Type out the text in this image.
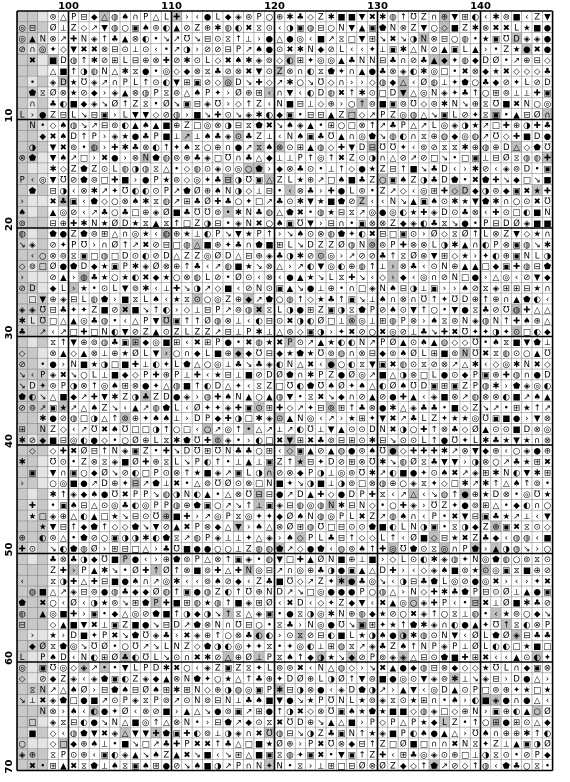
⊚ △ P ⊟ ◆ △ ◍ ♠ ∩ P △ L ✚ › ‹ ● L ◆ ◈ ⊚ P ○ ⊕ ✱ ♣ ◇ Z ✱ ■ ■ ▼ ✖ ✱ ◍ ↑ Ʊ Z ∩ ⊕ ▼ ⊞ ◐ ‹ ✱ ⊚ ■ ‹ Z ▼
◎ ⊟ Ø ⟂ Z ◇ ↗ ▼ ◍ ○ ▣ ♠ ⊚ ◐ ▲ ⊘ Z ⊕ ✱ ◍ ◐ ✖ ⧖ ⊙ ‹ ◑ ▣ ◍ ⊟ ○ N ▼ ▲ ▣ ⬟ N ⊗ Z ▼ ○ ◇ ■ Z ✱ ⊗ ✖ ✖ L ★ ■ ●
◎ ▲ N ⊗ ↗ ✚ N ◈ ↑ ♣ ▲ ⊗ ◐ • ↘ ↗ Ʊ ↘ ⊟ ⊙ ⧖ ↑ ⟂ › ● △ ● ◎ ‹ ■ ↗ ⧖ □ ▼ ⊞ ↘ ✖ ↘ ◑ N ⊗ ⊟ ○ ◍ • ★ ▣ Ʊ D ◈ ◈ ●
⊘ ∩ ◎ ✦ ◇ ▼ ✖ ✖ ⊗ ⊟ ⊙ ⟂ ⊙ ‹ • ↗ ◑ › ⊘ ⊘ ⊟ P ↗ ♠ ● ⊙ ✖ ✱ N ◆ ⊘ L ‹ ‹ ✦ ⟂ ▣ ✱ △ N ⊘ ▲ ▣ L ▲ › • Z ★ ● ✖ ●
✖ ■ D ◍ ↑ ✱ ⊘ ⊞ L ⊟ ⊕ ⊗ ✚ ⊘ ✱ ⊙ L ◇ ✖ ♠ ✱ ◈ ⊚ ◇ ◐ ⊞ ✦ ◎ ◎ ▲ ♣ N N ⊟ ♣ ∩ ⊘ ♣ ▲ ◆ ✦ ◍ ◆ D Ø • ↗ ⊕ ⊟ ◇
△ ■ ↑ ◑ ◍ N △ ✱ ⧖ ● • ◎ ◇ ◆ ⊗ ⧖ ♣ ⊘ ⊗ ✖ ▼ ⊙ Z ⊗ ∩ ◐ ⧖ ⬟ ✦ ∩ ▲ ● ♣ ⊗ ◈ ◐ ✱ ◎ □ • ✖ ⊗ ◆ ★ ✖ ◇ ◇ ◇ ♣
• ◈ D ★ Ʊ ◈ ↗ ∩ P L ↑ ⊙ ◐ ▼ ⊞ ▣ ⊘ ◇ ◎ D ↘ ✚ ◇ ↗ ✱ ○ ↘ Ʊ ◇ ∩ › › ◇ ◍ ◆ △ ‹ Ø ◍ ⟂ ✦ ⬟ ○ ♣ ◆ ⊘ ✦ L ⊘ D
⬟ ⧖ Ø ⊗ ★ ⊘ ◆ › ◈ ▲ ⊗ ◍ P ⧖ ⊚ △ ♠ P ✦ › Ø ⊕ ⊞ ‹ ∩ ▼ ‹ ◐ D ◍ ✖ ↑ ✱ ⊙ □ D ▼ △ ◎ N ◈ ✦ ♣ ↑ ○ ⊞ ⊚ ⟂ ⟂ ✚ ▣
∩ ♣ ◐ ■ ◆ ◈ ↘ Ø ↑ Z ⧖ • Ø ↘ ▣ ⊟ ◈ Ʊ › ◇ ↑ Z ‹ N ■ ⊟ ⟂ ◇ ⊕ › ○ ↑ ⊚ ■ ▣ ⊚ Ʊ ◇ ⊚ ✱ N ↘ ⊕ ⧖ Ʊ ■ ✖ N ○ ◎
L › ● Z ⊟ L ↘ ⊟ ▣ › L ▼ ▼ ◇ ⊘ ◍ › ■ ↘ ✚ ⊙ ↘ ◈ ✱ ◐ ◆ ▣ • ⊟ ⊟ ▲ Z □ ◇ ↗ P Z ◎ ◍ △ ↘ ▣ L ⊘ ✦ ⧖ ▣ • ▲ ⊟ Ø ∩
N • ◇ ♠ ◍ ↘ ↗ ⊟ ⊚ ◐ ▲ ♠ ▲ ■ ⊕ Z □ ◎ ⊗ ◑ ⊟ ⧖ ⬟ ✖ ↘ ♠ ◈ ▲ • ⊞ ○ □ ⊗ ↑ ↗ ♣ P △ ↗ L ◎ ◈ ◑ ★ ↗ □ ✚ ⊕ ◑ ✚ ♣
◆ ✖ ♠ D ↑ P › ◈ ★ ● ♣ P ■ ⟂ ↗ ⟂ ♠ ♣ ◈ ⊙ ♣ Z ⟂ ‹ N ♠ ▣ ♣ Ʊ ▲ ∩ ◎ ⬟ ↘ ◍ ◐ ∩ ⧖ ⊕ ◍ ◆ ◎ ◍ ↗ Ʊ ◇ ✚ ■ D ●
◑ ▼ ✖ ⊚ • ◍ › ✚ ✱ ♣ ⊗ ◐ ↑ ✦ ♠ ⧖ ○ ⊕ ∩ ● ↗ ⧖ ♠ ⊗ ⊙ ⊞ ▲ ◍ ◇ ✚ ▼ D ⊟ Ʊ Ʊ ✦ ‹ ⊚ ⊘ ⧖ ⧖ ✱ ⊕ ◍ ⊕ D △ ◇ ⬟ Ʊ
⊗ ⬟ ▼ ♠ ↗ □ › ✖ ● › ⊗ N ⬟ ◍ ⊚ ⊕ ♣ ◈ □ Ʊ ∩ ♣ △ ◆ ⟂ ⟂ P ↑ ◎ ↑ ✖ Z ⊙ ◑ ∩ △ ⊘ ↗ ⊘ □ ↘ • □ ▣ ⟂ ⊟ Ø ⧖ ◍ ◍ ✚
✱ ◇ Z ⬟ Z ⊙ L ◍ ◑ ◍ ⧖ △ • ◇ ◍ ⊙ ◈ ⊙ ◎ ○ ⬟ › ◆ ⊗ ♣ ⊙ • ⟂ ↑ ◇ ● ★ Z ⊟ ↑ ■ ↘ ♣ D ‹ › ✱ ⊘ ‹ ◈ ⊚ D • ▣
P ‹ ◎ ▼ Ʊ ⊘ ⬟ ⊚ □ ✚ ■ › ● P ★ ⊚ ◇ ◎ ✦ ♣ ⊟ ◑ Ʊ ▣ △ Z L ★ ⊕ ↗ □ ♠ ■ ♣ Z ○ ▣ ♠ Z ◑ ♣ D ⬟ • ✖ ⬟ ✚ ↘ ◆ □ ↘ ■
⬟ ⊟ ◑ ‹ ⊗ ✱ ↗ ✦ Ʊ ◐ ◐ ⊙ P ↗ ⬟ Ø ⊕ ♠ N ◑ ◇ ⟂ ⊟ • ‹ ⊗ ♣ › ✚ ● L ⊚ • Z ↗ ◇ ‹ ◎ ⊞ ✚ ◇ D ◆ ◑ ⊚ ◆ ▣ ✖ ★ ✚
›	✖ ♣ ▣ ‹ ⬟ ◇ ○ ⊗ ♠ ✱ ⧖ ◍ ↗ ⊞ ♣ Ø ✚ ♣ ○ ✦ □ ↗ ♣ ⊙ ✱ ▼ ★ ■ ⬟ ⊘ Z ‹ ‹ N ↘ ▲ ▣ ♠ ⊙ ✱ ★ ▼ ⬟ ✱ ∩ ○ ⊙ ✖ Ʊ
♠	▲ ◎ ⊘ ‹ ↗ ♣ ○ ♣ □ ⊕ ◈ Ø ■ ♣ Ʊ Ʊ ⊚ • ✱ N ♣ ◍ △ ⬟ ✖ • ◍ ★ ⊟ ⧖ ↗ ◎ ● ◎ ◐ ★ ✚ ◈ D ⊙ ♣ ⊗ ‹ ✚ ⊙ □ ◐ ■ N
⊚	⊟ ⊕ ✚ ✱ N ★ Ø D ★ ⧖ ▲ ⧖ ↑ □ Z ◑ ⊟ • ◈ N ✖ ○ ♠ ▣ Ʊ ▼ › ⊟ ∩ • ▣ ⊗ ⊗ Z ◆ ◈ ◐ ♣ ⧖ ↘ ● • P ⊟ D Ø ◈ ■ ■
◍	⬟ ● Z ⬟ ⊚ ⊞ △ ∩ ◎ ★ ‹ ◍ ⊕ ★ ⟂ ◐ P ↘ ▼ ★ P ↑ › ↘ ♠ ⊙ ⊗ ◍ ⬟ ✦ ◐ ✖ ⊟ □ ▣ ⊙ › Ø ◇ ⧖ Ø ↑ L ⊗ Z ▼ ◇ ★ ∩
↘ ◈ ⊘ ✦ P Ʊ › ∩ Ø ↑ ↗ ✖ ⊘ ⊟ □ ◍ △ ■ ⊕ ✦ ♣ ∩ ⬟ ■ ⊞ L ↘ D Z Z Ø ◍ N ⊚ ⊚ P ✚ ⊗ ⊗ L ◑ ✱ ▲ ∩ ◐ P ⊗ ▣ ◍ ↘ ✱
‹ ○ ⊗ ⊚ ⧖ ▣ □ ◍ □ D ⊙ ◐ ⊘ D △ Z Z ◎ Ø D △ ⊟ ⊕ ◈ ♣ ◑ ✱ ⊘ ⊙ ◎ › ↗ ⊘ ⊘ ♣ ↑ ⧖ Ø ⊗ ▼ ⊞ ◇ ★ › ✦ ◐ ⊕ ▣ N L ◑
◇ ⊚ □ Ø ● ⬟ D ◆ ★ ▣ P ✱ ◈ Ø ⊗ ⊕ ↑ ♣ ‹ ↗ ◍ ■ ★ ↘ ⊗ △ › ↗ ◐ ▼ ◎ ◐ ⊕ ◍ ↑ ⟂ › ⊗ ♣ ‹ ⊙ N ⊕ ▲ ▲ □ ◆ ▣ ✚ ◍ ⊟ ⬟
›	⊘ ▲ › ◍ ♣ ★ ○ ★ ◐ ✖ ◆ ★ ○ ⊗ ◍ L ⊘ • Ø ⊙ ‹ ⊗ ‹ ● ▲ ★ ↘ L ⧖ ✚ ↘ ‹ ◇ › ◆ ‹ ◎ ∩ ⊘ N □ ● › △ ◎ ‹ ⊘ ▼ ◆
⊘ D ◆ L › ★ • ⊙ L ▼ ⊚ ✱ ‹ ⟂ ✚ ↘ ◑ ↗ ◇ ■ ‹ ⊘ N ⊙ ▣ ▲ ↘ ● ⟂ ⊕ • ∩ □ ◈ N ♠ ⊟ ◑ ⟂ ▣ › › ♠ ⊘ ⧖ ◈ ⊞ ⊞ ⊟ ★ ∩
□ ▼ ⊕ ◈ ⊟ L ◍ ⬟ › ■ ⧖ L ♠ ‹ ★ ⧖ ⊙ ○ ◎ Z ⊕ ◆ ↗ ⬟ ○ ◍ ↑ ◇ ★ ♣ ↑ ▣ ↘ ⟂ ♠ ∩ ⊗ ∩ Ʊ ↑ ✦ Ʊ D ⊕ ↑ ⊕ ∩ ▲ ⬟ ◐ ‹
◈ ◈ Ʊ ⊟ ♣ ✦ ✦ Z ■ ⊘ ✖ ■ ↘ ↑ ◐ › ◇ ⟂ ⊟ P ↗ ⊚ ◍ ✖ ⧖ L ◑ ● ⊞ Z ▣ ◑ ⧖ ⬟ P ⊘ ♠ ⊙ ▼ ↑ ○ • ▼ ● ⧖ ♣ ⊘ Ʊ ◍ ✚ △ △
✱ L Ʊ □ △ ▲ ◎ ♣ ◍ • ‹ △ P ▼ Ʊ ▣ ↑ ↑ Ø ◍ ⊗ ⟂ ‹ ◐ ⊟ ⊙ ✖ ◑ ◐ Ø □ ⟂ ⊗ ◎ ⟂ ⊞ ◍ P ⊗ › ♠ ⧖ ⊚ N ◈ ◍ N ↑ ✚ ♠ ⊕ △
♣ ↗ ‹ ↗ □ ✚ □ N ◐ ▼ ⊘ Z ▲ ⊙ Z L Z Z ↗ ⊟ ⟂ P ✱ ⟂ △ ⊚ ◇ ▣ ◑ › ✦ ✖ ⊘ ○ ✖ ◎ ⊘ ⟂ ♣ ↘ ✚ ✖ Ʊ ✦ ✦ ◑ ✦ ⊙ □ ◐ ◆
⧖ ↑ ▼ ⊕ ⊚ ◍ ♣ ▣ ⊞ ◆ ◎ ■ ⊞ ‹ ✖ ⊞ P ● • ✖ ◍ ★ ✖ P ⊙ ↗ ▲ ★ ◐ ◐ N ↗ P Ø ▲ ⊙ ♠ ▲ ◍ ◇ ◇ Ʊ • ♠ ⧖ ■ ▼ ⬟ ⟂
◇	⊗ ▲ ◇ ▲ ⊗ ⟂ ⊕ ★ Ø L ▼ › ○ ∩ ◆ L ■ ⊕ ◆ ◆ Ʊ ⊟ ◆ ★ ⬟ ★ Ʊ ⊚ ◍ ∩ ⊗ ⊟ ◆ ⊚ ♠ Ø L ⊞ ■ ⊚ N Ʊ ✖ ⧖ ◍ ⊙ ○ ▲ Ʊ
⊘ • ● › N ■ ★ ◑ □ ■ ✚ ⟂ ◐ ✦ L ⬟ △ ○ ◎ ⟂ ♣ ↘ ♣ ◈ ◐ N △ ✖ ‹ ● ○ ◐ ⧖ ▼ ▣ ✖ ◍ ⊙ ⧖ ⊘ ⊗ ↗ △ ✱ ‹ ◇ ◎ ✱ N ✖ ◇
↘ ‹ P ◈ ✖ ↘ ○ L ⟂ ■ ◆ ◇ P ✚ ⊕ P ⟂ ✚ ‹ ★ ⊟ ⟂ ■ ⊘ D Ø ⬟ ∩ ✱ P Z ● Ø ◎ ↗ ■ △ ◑ ⊗ □ L ● ⊙ ◆ P ▣ ⊕ ✚ ◍ ∩ ● D
↘ D ✦ ⊚ P ◑ ⊗ ↑ ◎ ♠ ⊞ ⊗ ● ✦ △ ◍ ■ ↑ ◐ D △ ✦ ‹ ⧖ Z □ Ʊ ◐ ⬟ Ʊ ♠ Ø ✦ ♠ △ ◐ Ø ♠ Ʊ D ▣ ⊞ ▣ Z P ◍ ✱ › ⬟ ◈ ◎ ◐
⬟ ◐ ↘ △ ■ ◆ ↗ ✚ ▼ ✱ Z ◑ ♣ Z D ● ◈ › ◍ ✚ ♠ N ▲ ○ ▲ ◍ ▼ • ⧖ ✖ ↘ ◆ ∩ ⊘ ▲ ⊘ ● ✚ ▲ ‹ ◈ ■ ⊗ ↗ ◍ ⊗ ⊗ ◐ ■ ↗ ♠ ▲
⊘ ⊚ ↗ ▣ ★ ↗ △ ♠ Z ↘ ‹ ▲ ↗ ◍ ⬟ L ‹ Ø ✦ ✦ ◈ ✚ ▣ ⊙ ⊞ ✚ ◇ ↗ ✦ ⊟ ⊚ ⊞ ↑ ♣ ⊗ ● ✱ △ ◈ ♣ ♣ • ■ ◇ Z ↘ ↗ • ⊞ ★ ↑ ↗
✱ ● ⊘ ◍ □ ◑ △ ↑ ⊚ ⊕ ✦ ♠ ♠ ⟂ › D P ◆ ✚ ◑ □ ✱ ◈ ⊙ ▲ N ◎ ‹ ↗ › ★ ⊞ ✦ ▼ ✖ ↗ ♣ L Z ✦ ★ ★ ◎ Ʊ ▣ ■ ● › ▼ ⊗
⊞ N Z ◇ ‹ ↗ Ʊ ✖ ♠ Ʊ □ □ ◑ ↑ ○ □ ‹ ○ ↗ ◎ ↑ • △ ↗ ⟂ ↗ ◐ Ʊ ⟂ ▼ ▲ ⊙ ⊙ D N ✖ ◑ ○ ✚ ↑ ⊗ ♣ ◇ Ø ▲ ⊙ ⊙ ■ D ⊗ ◎
✱ ⊘ ◆ ■ ⊟ ◎ ◐ ● ◇ • ○ Ø ⊕ L ⧖ ✱ ⬟ Ʊ ✚ ⊚ ◈ • › ◐ □ ✖ ▼ ⊞ ✖ ♣ ⊚ ⊟ ⊞ ⊙ ✱ ⊟ ↘ ⊙ ⊙ L ↑ ● Ʊ ✦ L ✱ ♣ ★ ▼ ★ ∩ ⊗
◇ ◇ ✚ ✖ Ø ⊟ ↑ N ◈ ▣ Z • ✚ ↘ D Ʊ ⊞ Ʊ N ♣ ♣ ○ ⊞ ‹ ◇ ▣ ▲ ⊘ ▲ ◍ ● ⊚ ♠ Ʊ ● ◇ ✚ ✚ ✚ ✱ ↗ ⊗ ▼ ◆ ⊕ ‹ ○ ◈ ● ⊕
✱	Ʊ ⊙ • Z ⊗ ⧖ ◈ ■ Ø ✚ ⊕ ⧖ L ↘ P ◐ ↑ • ⟂ ▲ ⟂ ▣ Z ↑ ★ ⊟ ✦ D ⊘ ⊞ ⊗ Ʊ ✱ ↘ ◍ Ø ⧖ ♣ ▼ ▼ › ◑ ⊗ ○ ↗ ♣ ★ ⊞ ✖
▣ ▼ ∩ ▣ ○ ◆ Ø ↘ ⊘ ◐ □ P ⊙ ⊗ ↑ ★ ■ ◈ ↗ ▣ L ◑ ∩ ⊘ ⊗ ◆ P ◑ ⟂ ◎ ⊚ Ʊ ✱ ↗ ◐ ■ ● ✦ ⊙ ♠ ✖ ↗ ◈ ⊞ ✱ N ◐ ▼ ✱ ⊞
›	○ ◎ ■ ● ↗ D ⊕ ✦ ⊟ ↗ ⬟ ⟂ ✖ • △ ⊚ Ʊ Ø ⊙ ⊗ □ N ■ ✦ ↘ ◑ ■ ⟂ ◑ ⊚ □ ⊗ ◍ ⊕ ○ ◈ ⧖ ✦ ◇ □ ✱ ↗ ✱ ↑ △ ♠ ↑ ⊚ •
✱ ↑ ◈ ◆ ♠ ● Ʊ ✖ P P ↘ ◍ ◑ N ◐ ▲ • △ ⊗ Ʊ ⊟ ⊟ ● ↗ D ▲ ✚ ◇ ● D P ✚ ⧖ ‹ ↗ △ ‹ ↘ ◍ ↑ ● ⊕ ★ D ⊗ • ◎ Ʊ ★
✚ • ▣ ♠ ⊟ △ ⊙ ◎ ♣ ◐ ◎ P P ◍ ⊕ ⬟ ▣ ○ ↗ ↘ ↑ ⟂ ▣ ◈ ⊟ ◍ ◎ ◍ N ✱ ⊟ N ◇ • ○ ✚ ◈ › Ʊ Z ✦ ● ⊚ ⊞ △ • ◆ ◐ ∩ ○
★ □ ◈ ⊕ △ ◐ ▲ □ ★ ↘ ⊟ ⊙ Ʊ ⊕ ■ ✚ › ↗ ◎ P ⧖ ◎ ✦ ✦ ◆ Ø ♠ N ◍ ◎ P L ✖ Z ↗ ◍ ♠ ∩ ‹ P • ✖ ▼ ⊟ ▣ ♣ ★ ↗ ⟂ ‹ ▼
★ ▼ ⊟ ↑ ◆ ⬟ ↑ ◇ ◇ ⬟ ↘ ▼ ⊘ ▲ ✖ P ⊗ ◆ △ ▼ › ♠ △ ⊗ Ø ⊞ ◍ Ʊ □ ⊟ ⊙ ⊙ ⬟ ■ ◐ L N ◑ ▣ • ⧖ ◑ ◆ Z ⊕ ▣ ✖ ⧖ ⊙ ◇
⊕ ◐ ⊚ △ • ⬟ ⊘ ○ ▣ ◑ ◑ ✱ ◐ ⬟ ⧖ ↗ ◍ P ◈ ⟂ ⟂ ✦ △ ◈ › ♠ ◇ P L ♣ ⊟ ↑ ◇ ◇ L ↑ ‹ Ø ■ ◇ ⊟ ★ ✖ Z ♣ ◆ ‹ ◍ ◍ ‹ ■
✚ ⊙ ↘ ◐ ⬟ ◍ Ø › ⊞ ⊟ □ △ › ♣ Ʊ ■ ● ● ○ ○ ⟂ Z ◍ ◍ ⬟ ↗ ◇ ● ⬟ ‹ ◍ ⊚ ♠ ↑ ✚ ◎ Ʊ ⬟ ⊙ ⧖ ◎ ∩ P ⬟ › ▲ ◑ ◍ ↘ › ○
♣ ⊗ ♣ ◑ ◆ Ʊ ■ P ● ‹ › ⊕ ⬟ ⊚ P △ ⊗ ↑ ▣ ◈ • ◍ ▼ □ ✚ ▲ Ø N ■ ⊕ ⟂ ■ › ◇ L ⊙ ◐ ✱ ◈ ◍ ✦ N ◎ ⬟ ◍ ○ ⊚ ⧖ ⊙
Z ✚ › P ▲ ✱ ↘ • Ø ✚ ↑ Ø ↑ ⊗ ■ ⊚ ✚ △ ✚ N ◎ ⊟ ↗ ∩ ◎ ⊕ ♣ ◑ ● ▣ ▲ △ D ✚ › ‹ ◇ ◈ ♠ ■ ⊚ ★ ⊙ ◎ ▣ ⧖ ■ ⊕ ⊘
‹	⧖ ◑ ✚ △ ✚ ⊟ ■ ● ♠ ∩ ↗ ◎ ✱ ‹ ‹ ⊚ ♠ ⊘ ◆ ‹ Z ♣ ■ Ʊ ◇ ↗ Z ✦ ✱ ● ♣ ◎ ↘ ‹ ◑ ⊟ ♣ ⬟ L ◎ ⊘ ● ◎ ✖ › ‹ › ✦ ✖
◍ ■ △ ↗ ◈ ⊟ ⊚ ● ◍ ♣ ◆ ◆ Ø ◍ ↑ ▣ ● ◍ Z ◐ ↑ Ʊ ⊕ N D ↗ ↘ □ ◎ ● ● ● P ○ ◍ △ › N ◇ ✚ ✱ ♣ ⬟ P ⊟ ⊙ Ø ⟂ ▲ ● ▣
⬟ ✖ ○ ‹ Ø ‹ ◑ ★ ⊚ ↘ ⊞ ⬟ P ✚ ■ ⊞ ◍ ★ ◍ ↑ ■ ◈ ⊞ Ø ‹ ✖ D ‹ ◇ ✦ Z ◆ ▼ ‹ ✖ ▲ ◎ ○ ◈ ✚ P ‹ • ⊟ ✖ ⟂ Ø ■ ✱ ♣ ⊘
◍ ▲ ◎ ■ ✚ › ▣ • ◆ △ ◎ ⊘ ⬟ ■ ↑ ◑ ◆ ◑ ↘ ↑ ⧖ △ ◈ ▣ • ● ⧖ ◑ ◎ ✱ N ⊕ ◍ ◆ ★ ⊘ ○ ✖ ◈ ↑ ○ ⧖ ⟂ ◍ • ‹ ★ ⊚ ○ ◆ ↘
⊟	◇ ▲ ■ ▼ ✖ ⟂ ▣ Z ■ ● ↘ ⊟ D ↗ ⬟ ⊗ N ∩ Ʊ ⊟ ○ • ⧖ ♣ › N ◎ ● Ʊ ↘ ▣ ⊞ ✦ ★ ↑ ⬟ ✱ ◈ ∩ ◐ ● ▲ ✦ Ʊ ↑ ⧖ ◐ ⊗ P
› ★ › D ■ ✦ P ✖ ↘ ⬟ Ʊ ◈ ♣ › ✖ ◈ ⊕ ↑ ○ ⊗ ♣ ◐ ◐ › ⊙ ⧖ ⊘ ⊟ ◐ ■ L ★ ◑ ♠ ● ◑ ✱ ◍ ⊙ N ▼ ‹ Ø L ⬟ Ø ◈ ⊟ ♣ ♣
◆ Ø ⧖ ⬟ ◎ ↘ Ʊ Ø • ○ Ʊ ↗ ↘ L N Z ◇ ⬟ ◑ ◐ ◎ ✦ ✦ ⧖ • ✦ ◎ ◐ ⟂ ⊞ ◍ ⧖ ↗ ◈ ♣ Z ♠ ↑ N P ◈ P ⟂ Ø L ◐ ◐ □ ★ ■ □
L P ♠ D ‹ N ◐ ⊞ Ø ♣ ◐ Ʊ L ↘ ⊙ ∩ ✖ ✱ ⊘ △ ⊕ Ø ⟂ P ⧖ ♠ ↑ ◆ ◑ ★ ↘ ◆ ⊘ P ⊚ ◈ ◈ △ ⊟ ⊙ ⬟ ■ ✚ ⊞ ✖ ‹ ‹ ▲ ⊙ ◐ ✦
◎ ▣ Ʊ ◎ ◇ ◈ ↗ • • ▼ L P D ✱ ✖ ○ ‹ ◈ Z ▣ Z ⧖ ✦ L ⊚ ⊚ ✖ ‹ N △ ◍ ◇ › ↘ ✖ ▲ ● ◆ ◍ ⊟ ⊗ ◆ ◇ ◇ ★ Ʊ L ∩ ◆ ▣ ⊗
◇ ⊘ ◆ Z ◈ ‹ ◈ ⬟ ▣ ◐ Z ◈ ◆ ▲ ⊗ N ⬟ ✦ ○ ★ △ ↑ ♣ ⊕ ✦ D Ø ⊕ L ◑ Ø ↑ ▼ ⊚ ■ ● ◎ ⊙ ▼ ◈ ⊚ ✱ ⟂ ↘ ◈ ⊟ › D ● △ ›
⧖ N ↗ △ ♠ Ø › ⊟ ⬟ ♠ ⊟ Ø ♠ ⊞ ✱ ⊞ N ◇ ⊕ ◑ ◍ ◎ ▣ P ✱ ⊟ ◑ ⊗ ● ‹ ◈ D ⬟ ◑ ↗ › ▲ ▼ ‹ ◎ D ▲ ⊙ P □ ⊚ ⊕ ✦ ★ □ ★
↘ ⟂ ✖ ◈ ⬟ □ ● ■ ↗ ⊙ P ◈ ⧖ P ⊚ ↗ ⊙ N ⊚ ⊟ N ⟂ ♣ ♠ ■ ▼ ● ↘ ★ P Ʊ N L ★ ⊚ ◈ ⧖ ⊙ ★ ⊞ ∩ • ♠ › ◐ ■ ◈ ● ∩ ● △ ‹
N ⊗ › ♠ ‹ ◐ ● ✦ Ø ‹ ⊗ ⊘ ■ › ▲ △ ↘ ● ⊚ ▣ ↗ ⊞ ● ↑ ◑ ✖ ◇ ⊗ Ʊ ▣ ♠ ★ ⬟ ★ ■ ■ ◇ ◍ ◈ □ ◇ ⊕ N › ▣ ⊕ ◐ ▲ ○ Ø
□ ◈ ⧖ ⊟ ◐ ● ↘ N △ ■ ◎ ↑ △ ⊗ N • › ⊟ ⬟ ↗ ◆ ⊙ ⧖ ✖ Ʊ D ⊕ ↘ ▲ △ ■ › P ◇ P △ P ★ ◆ L Z • ↑ ○ ⊞ ● ⊞ ⊙ △ ◆
■ ◇ ‹ ◍ ⬟ ▼ ✖ ◈ △ ▼ ▼ ✚ ⬟ ▣ ✚ ◐ ⊚ ⟂ ◑ ◈ ∩ ✖ Ʊ ◍ ⊟ ↘ ◑ Z ♣ ▣ N ↑ ★ ◈ ■ P ◐ ♠ ● ▲ △ › Ʊ ♠ ∩ ⊕ ⊕ ✱ ↑ ◐
○	◇ □ ◆ ⊕ ♠ ⟂ • ■ ↘ □ ↗ ♣ ✚ P ✖ ✖ ↑ ♣ △ □ ■ ★ Ø ⊕ › P ✖ Ʊ ⊗ ◆ ⊟ ↑ Z □ Ø ■ □ ∩ ∩ ✖ N ⧖ ✦ Z ⟂ ▲ ▣ ◑ Ø
◈ ⊕ ⧖ P ⊙ ⊕ ‹ ▣ ◐ ◈ ▲ ↘ ♠ Z ▲ ✖ ↘ ■ ‹ ↘ ⊞ △ ■ ▣ ⧖ ◍ ✦ ▣ ✖ • ▼ ▣ ↑ Z ✚ ‹ ⊞ ♣ ◎ ◈ ⊙ ⊕ □ ⟂ ◑ ⧖ ⊙ • ⊘ P ◆
✖ • ⊞ ▲ ✖ ⧖ ⬟ ⟂ ♠ ⧖ ▣ ♠ ⊞ ● ⊘ ↘ ♠ ■ ◑ ↗ P ∩ N ✦ N • ⧖ › ⟂ ⊞ □ ⊟ Ø ⊗ Ø Z ◆ ◇ ↑ ⬟ ↗ ⊘ ◇ ↑ ◍ ‹ ⬟ ♣ ○ ⧖ •
100	110	120	130	140
10
20
30
40
50
60
70
